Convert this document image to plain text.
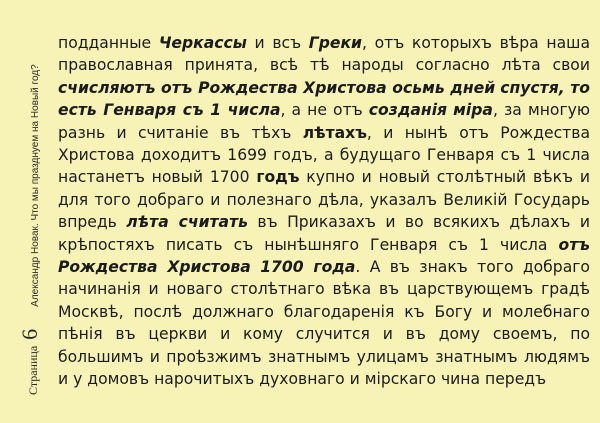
Страница
6
Александр Новак. Что мы празднуем на Новый год?
подданные Черкассы и всъ Греки, отъ которыхъ вѣра наша православная принята, всѣ тѣ народы согласно лѣта свои счисляютъ отъ Рождества Христова осьмь дней спустя, то есть Генваря съ 1 числа, а не отъ созданія міра, за многую разнь и считаніе въ тѣхъ лѣтахъ, и нынѣ отъ Рождества Христова доходитъ 1699 годъ, а будущаго Генваря съ 1 числа настанетъ новый 1700 годъ купно и новый столѣтный вѣкъ и для того добраго и полезнаго дѣла, указалъ Великій Государь впредь лѣта считать въ Приказахъ и во всякихъ дѣлахъ и крѣпостяхъ писать съ нынѣшняго Генваря съ 1 числа отъ Рождества Христова 1700 года. А въ знакъ того добраго начинанія и новаго столѣтнаго вѣка въ царствующемъ градѣ Москвѣ, послѣ должнаго благодаренія къ Богу и молебнаго пѣнія въ церкви и кому случится и въ дому своемъ, по большимъ и проѣзжимъ знатнымъ улицамъ знатнымъ людямъ и у домовъ нарочитыхъ духовнаго и мірскаго чина передъ
